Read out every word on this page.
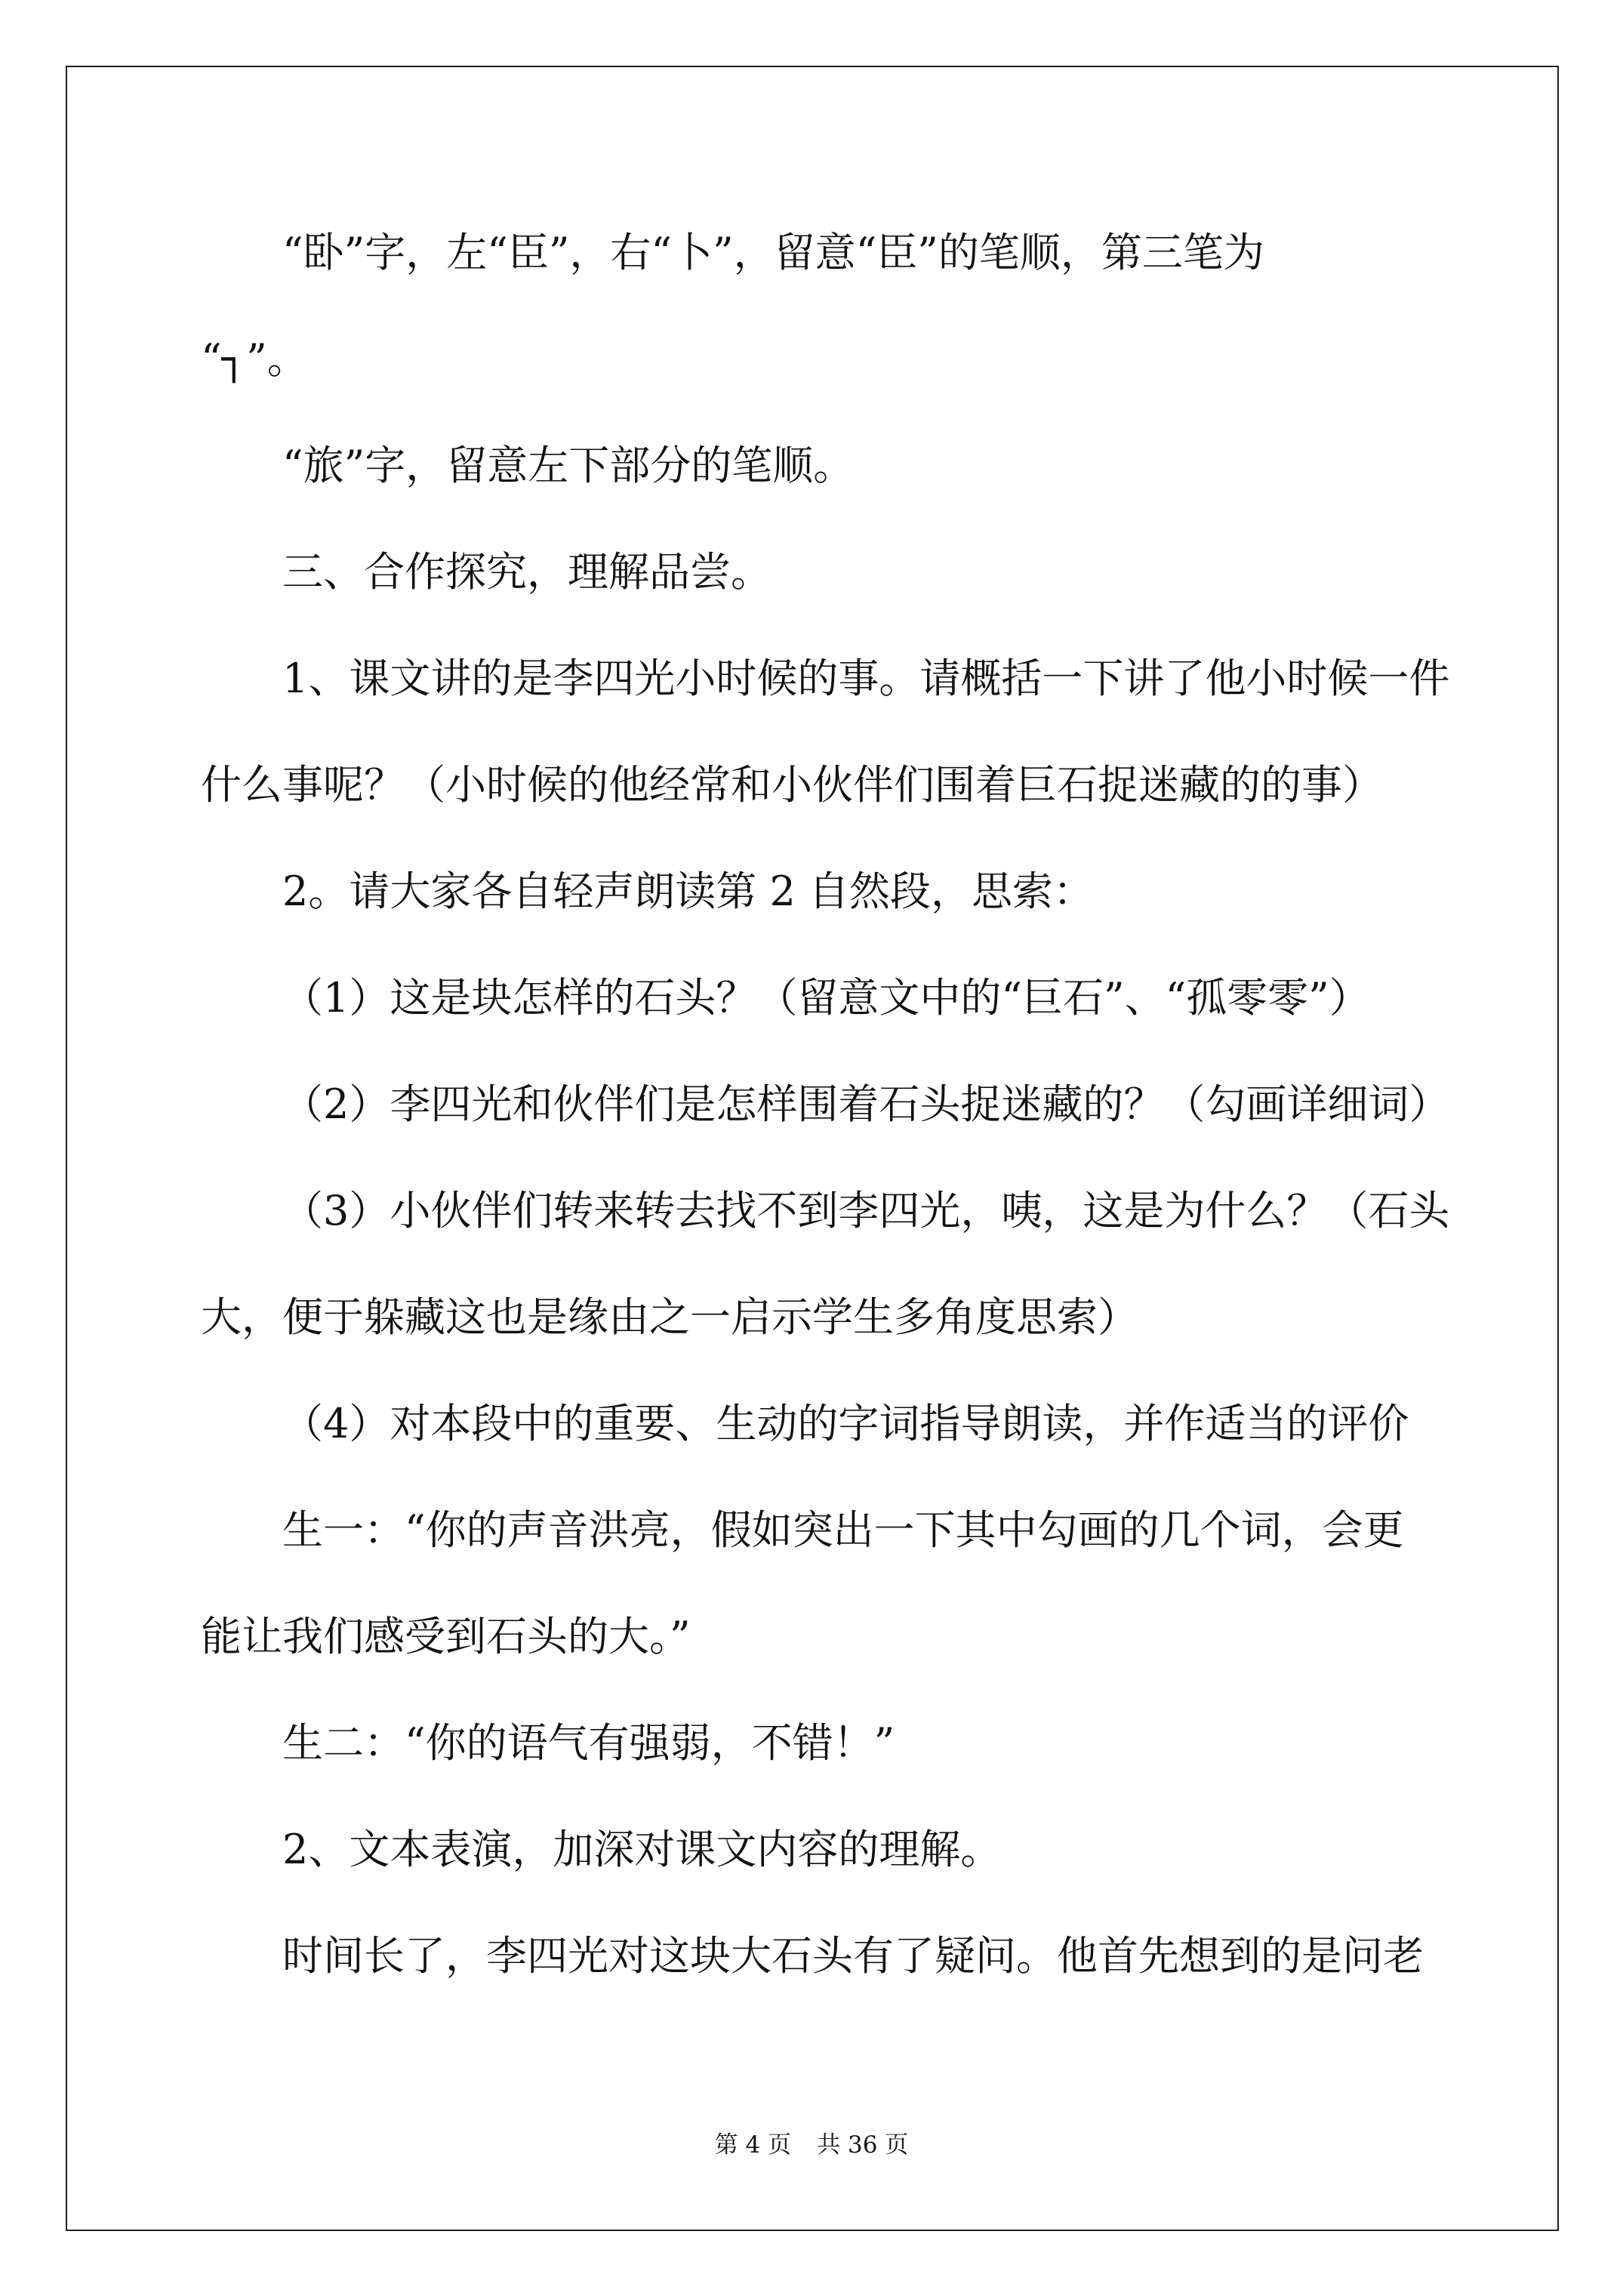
“卧”字，左“臣”，右“卜”，留意“臣”的笔顺，第三笔为
“┐”。
“旅”字，留意左下部分的笔顺。
三、合作探究，理解品尝。
1、课文讲的是李四光小时候的事。请概括一下讲了他小时候一件
什么事呢？（小时候的他经常和小伙伴们围着巨石捉迷藏的的事）
2。请大家各自轻声朗读第 2 自然段，思索：
（1）这是块怎样的石头？（留意文中的“巨石”、“孤零零”）
（2）李四光和伙伴们是怎样围着石头捉迷藏的？（勾画详细词）
（3）小伙伴们转来转去找不到李四光，咦，这是为什么？（石头
大，便于躲藏这也是缘由之一启示学生多角度思索）
（4）对本段中的重要、生动的字词指导朗读，并作适当的评价
生一：“你的声音洪亮，假如突出一下其中勾画的几个词，会更
能让我们感受到石头的大。”
生二：“你的语气有强弱，不错！”
2、文本表演，加深对课文内容的理解。
时间长了，李四光对这块大石头有了疑问。他首先想到的是问老
第 4 页 共 36 页
